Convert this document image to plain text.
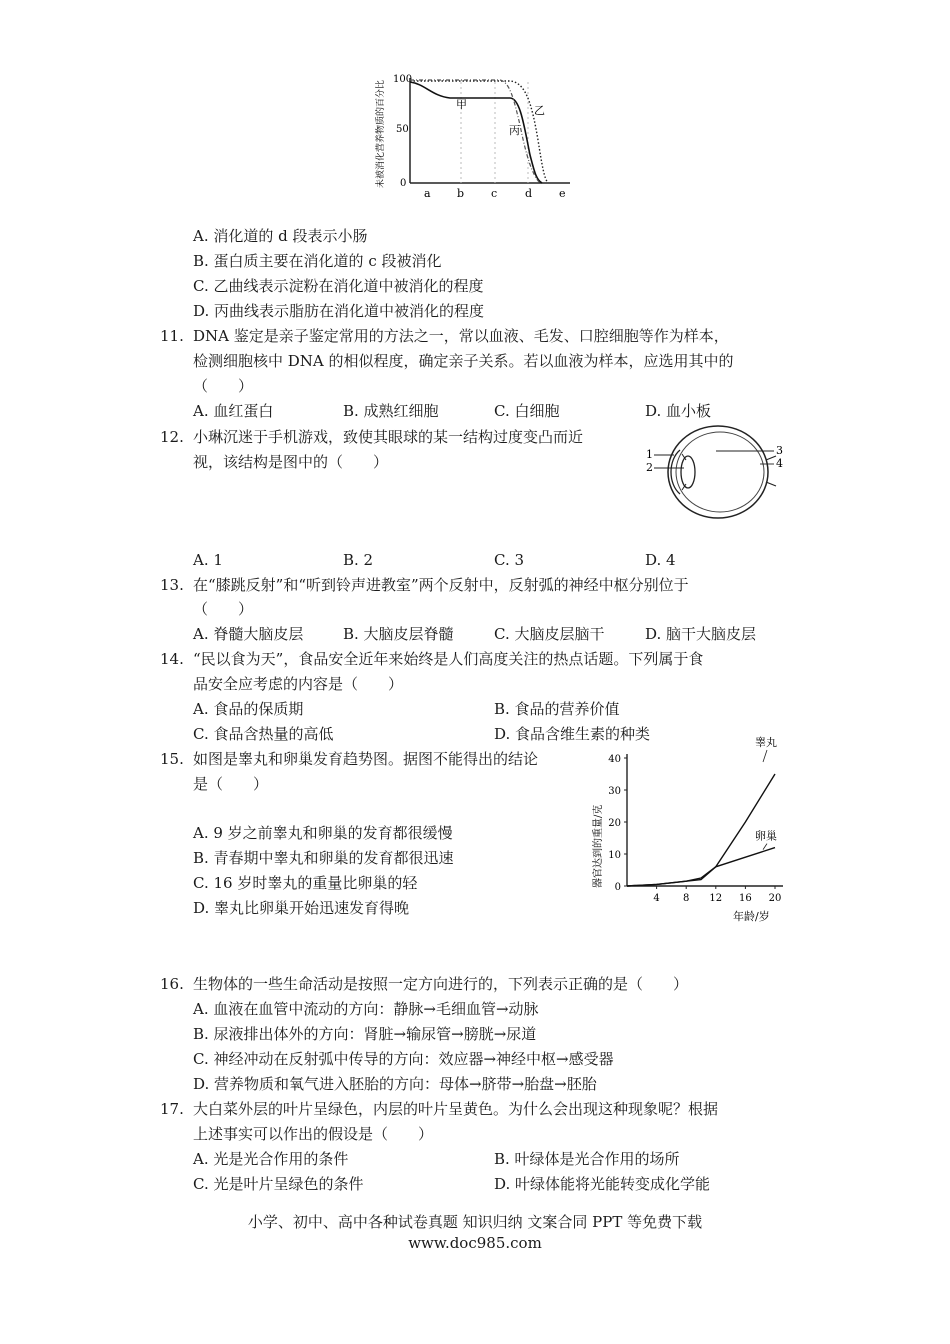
未被消化营养物质的百分比
100
50
0
甲	乙
丙
a b c	d e
A. 消化道的 d 段表示小肠
B. 蛋白质主要在消化道的 c 段被消化
C. 乙曲线表示淀粉在消化道中被消化的程度
D. 丙曲线表示脂肪在消化道中被消化的程度
11. DNA 鉴定是亲子鉴定常用的方法之一，常以血液、毛发、口腔细胞等作为样本，
检测细胞核中 DNA 的相似程度，确定亲子关系。若以血液为样本，应选用其中的
（　　）
A. 血红蛋白	B. 成熟红细胞	C. 白细胞	D. 血小板
12. 小琳沉迷于手机游戏，致使其眼球的某一结构过度变凸而近
视，该结构是图中的（　　）	1
2
3
4
A. 1	B. 2	C. 3	D. 4
13. 在“膝跳反射”和“听到铃声进教室”两个反射中，反射弧的神经中枢分别位于
（　　）
A. 脊髓大脑皮层	B. 大脑皮层脊髓	C. 大脑皮层脑干	D. 脑干大脑皮层
14. “民以食为天”，食品安全近年来始终是人们高度关注的热点话题。下列属于食
品安全应考虑的内容是（　　）
A. 食品的保质期	B. 食品的营养价值
C. 食品含热量的高低	D. 食品含维生素的种类
15. 如图是睾丸和卵巢发育趋势图。据图不能得出的结论
是（　　）
A. 9 岁之前睾丸和卵巢的发育都很缓慢
B. 青春期中睾丸和卵巢的发育都很迅速
C. 16 岁时睾丸的重量比卵巢的轻
D. 睾丸比卵巢开始迅速发育得晚
器官达到的重量/克
年龄/岁
0
10
20
30
40
4 8 12 16 20
睾丸
卵巢
16. 生物体的一些生命活动是按照一定方向进行的，下列表示正确的是（　　）
A. 血液在血管中流动的方向：静脉→毛细血管→动脉
B. 尿液排出体外的方向：肾脏→输尿管→膀胱→尿道
C. 神经冲动在反射弧中传导的方向：效应器→神经中枢→感受器
D. 营养物质和氧气进入胚胎的方向：母体→脐带→胎盘→胚胎
17. 大白菜外层的叶片呈绿色，内层的叶片呈黄色。为什么会出现这种现象呢？根据
上述事实可以作出的假设是（　　）
A. 光是光合作用的条件	B. 叶绿体是光合作用的场所
C. 光是叶片呈绿色的条件	D. 叶绿体能将光能转变成化学能
小学、初中、高中各种试卷真题 知识归纳 文案合同 PPT 等免费下载
www.doc985.com
